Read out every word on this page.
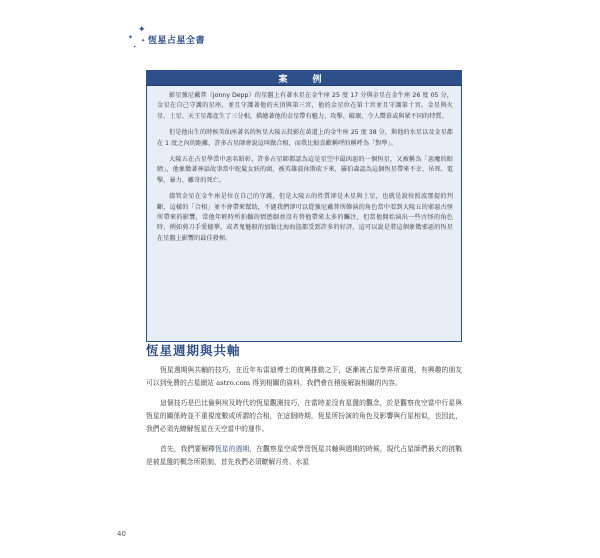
✦
✦ ✦
✦
恆星占星全書
案　例

影星強尼戴普（Jonny Depp）的星盤上有著水星在金牛座 25 度 17 分與金星在金牛座 26 度 05 分，金星在自己守護的星座，並且守護著他的天頂與第三宮，他的金星位在第十宮並且守護第十宮，金星與火星、土星、天王星都產生了三分相，描繪著他的金星帶有魅力、攻擊、破壞、令人嚮慕或與眾不同的特質。

但是他出生的時候英仙座著名的恆星大陵五投影在黃道上的金牛座 25 度 38 分，與他的水星以及金星都在 1 度之內的距離，許多占星師會說這叫做合相，而我比較喜歡稱呼的稱呼為「對準」。

大陵五在占星學當中惡名昭彰，許多占星師都認為這是星空中最凶惡的一個恆星，又被稱為「惡魔的眼睛」，他象徵著神話故事當中蛇髮女妖的頭，被英雄波休斯砍下來，羅伯森認為這個恆星帶來不幸、吊死、電擊、暴力、離奇的死亡。

儘管金星在金牛座是位在自己的守護，但是大陵五的性質卻是木星與土星，也就是說按照波那提的判斷，這樣的「合相」並不會帶來幫助，不過我們卻可以從強尼戴普所飾演的角色當中看到大陵五的邪惡古怪所帶來的影響，當他年輕時所拍攝的情慾劇並沒有替他帶來太多的矚注，但當他開始演出一些古怪的角色時，例如剪刀手愛德華，或者鬼魅般的加勒比海海盜都受到許多的好評，這可以說是將這個象徵邪惡的恆星在星盤上影響的最佳發揮。

恆星週期與共軸

恆星週期與共軸的技巧，在近年布雷迪博士的復興推動之下，逐漸被占星學界所重視，有興趣的朋友可以到免費的占星網站 astro.com 得到相關的資料，我們會在稍後解說相關的內容。

這個技巧是巴比倫與埃及時代的恆星觀測技巧，在當時並沒有星盤的觀念，於是觀察夜空當中行星與恆星的關係時並不重視度數或所謂的合相，在這個時期，恆星所扮演的角色及影響與行星相似，也因此，我們必須先瞭解恆星在天空當中的運作。

首先，我們要解釋恆星的週期，在觀察星空或學習恆星共軸與週期的時候，現代占星師們最大的挑戰是被星盤的概念所限制，首先我們必須瞭解月亮、水星

40
